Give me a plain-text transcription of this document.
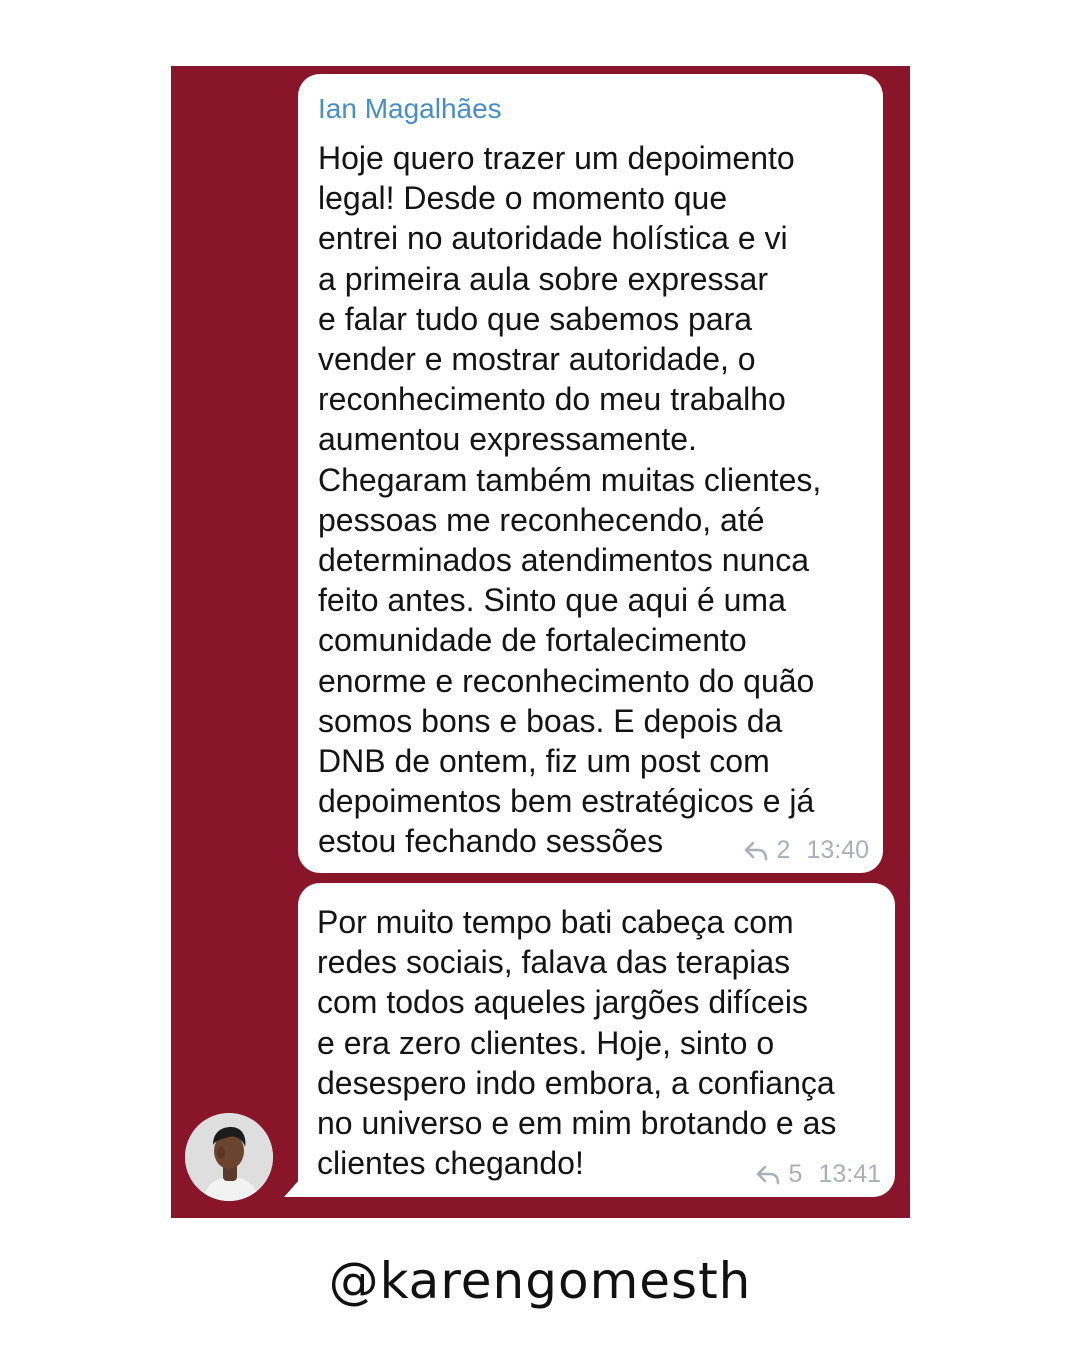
Ian Magalhães
Hoje quero trazer um depoimento
legal! Desde o momento que
entrei no autoridade holística e vi
a primeira aula sobre expressar
e falar tudo que sabemos para
vender e mostrar autoridade, o
reconhecimento do meu trabalho
aumentou expressamente.
Chegaram também muitas clientes,
pessoas me reconhecendo, até
determinados atendimentos nunca
feito antes. Sinto que aqui é uma
comunidade de fortalecimento
enorme e reconhecimento do quão
somos bons e boas. E depois da
DNB de ontem, fiz um post com
depoimentos bem estratégicos e já
estou fechando sessões	2 13:40
Por muito tempo bati cabeça com
redes sociais, falava das terapias
com todos aqueles jargões difíceis
e era zero clientes. Hoje, sinto o
desespero indo embora, a confiança
no universo e em mim brotando e as
clientes chegando!	5 13:41
@karengomesth
